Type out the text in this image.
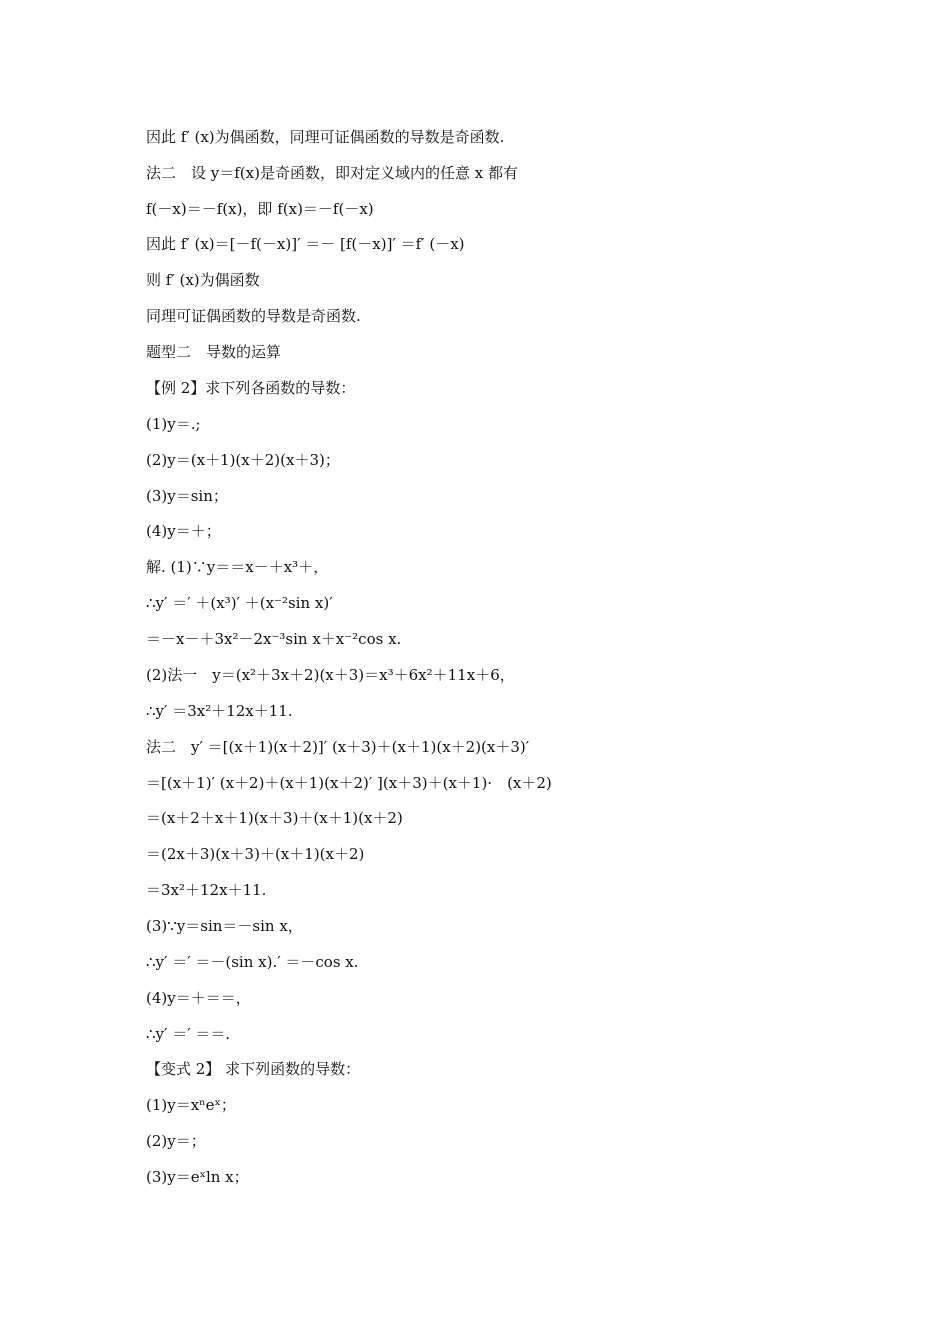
因此 f′ (x)为偶函数，同理可证偶函数的导数是奇函数.
法二　设 y＝f(x)是奇函数，即对定义域内的任意 x 都有
f(－x)＝－f(x)，即 f(x)＝－f(－x)
因此 f′ (x)＝[－f(－x)]′ ＝－ [f(－x)]′ ＝f′ (－x)
则 f′ (x)为偶函数
同理可证偶函数的导数是奇函数.
题型二　导数的运算
【例 2】求下列各函数的导数：
(1)y＝.;
(2)y＝(x＋1)(x＋2)(x＋3)；
(3)y＝sin；
(4)y＝＋；
解. (1)∵y＝＝x－＋x³＋，
∴y′ ＝′ ＋(x³)′ ＋(x⁻²sin x)′
＝－x－＋3x²－2x⁻³sin x＋x⁻²cos x.
(2)法一　y＝(x²＋3x＋2)(x＋3)＝x³＋6x²＋11x＋6，
∴y′ ＝3x²＋12x＋11.
法二　y′ ＝[(x＋1)(x＋2)]′ (x＋3)＋(x＋1)(x＋2)(x＋3)′
＝[(x＋1)′ (x＋2)＋(x＋1)(x＋2)′ ](x＋3)＋(x＋1)·　(x＋2)
＝(x＋2＋x＋1)(x＋3)＋(x＋1)(x＋2)
＝(2x＋3)(x＋3)＋(x＋1)(x＋2)
＝3x²＋12x＋11.
(3)∵y＝sin＝－sin x，
∴y′ ＝′ ＝－(sin x).′ ＝－cos x.
(4)y＝＋＝＝，
∴y′ ＝′ ＝＝.
【变式 2】 求下列函数的导数：
(1)y＝xⁿeˣ；
(2)y＝；
(3)y＝eˣln x；
